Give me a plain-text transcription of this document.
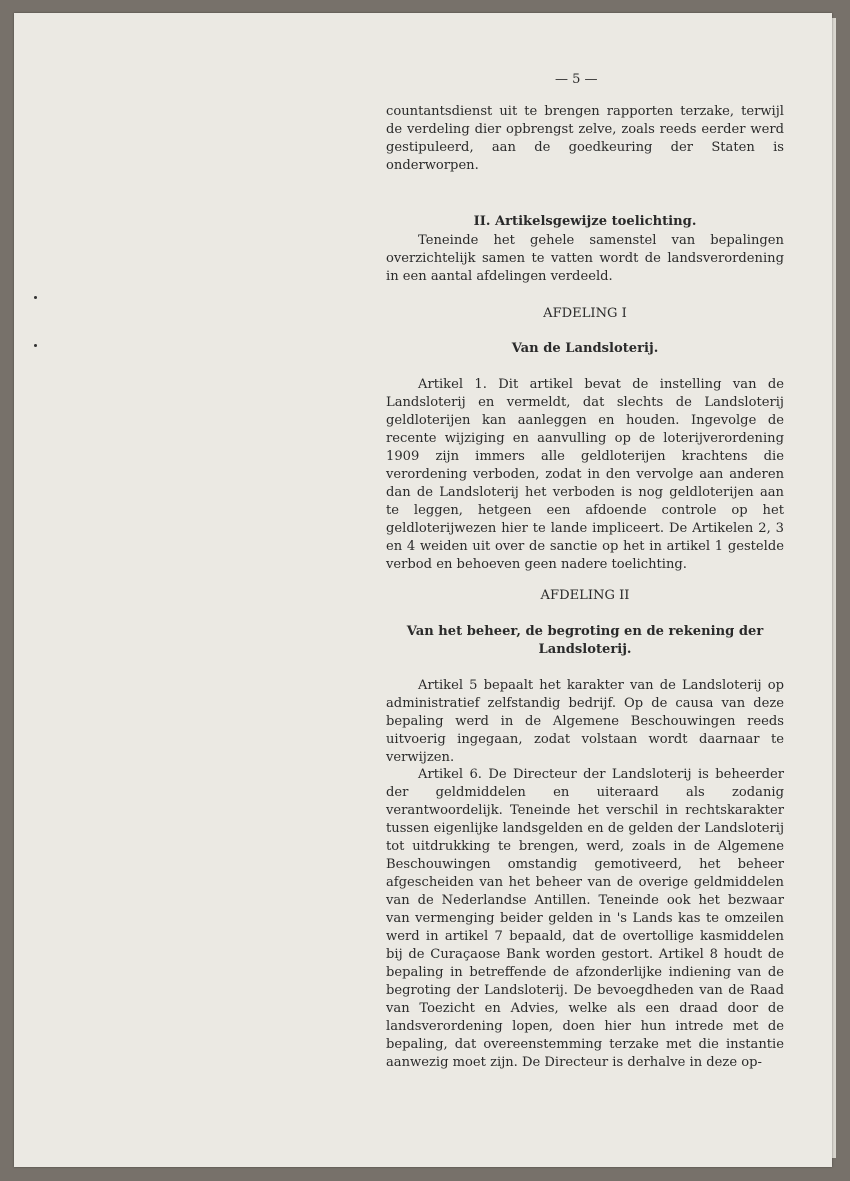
— 5 —
countantsdienst uit te brengen rapporten terzake, terwijl de verdeling dier opbrengst zelve, zoals reeds eerder werd gestipuleerd, aan de goedkeuring der Staten is onderworpen.
II. Artikelsgewijze toelichting.
Teneinde het gehele samenstel van bepalingen overzichtelijk samen te vatten wordt de landsverordening in een aantal afdelingen verdeeld.
AFDELING I
Van de Landsloterij.
Artikel 1. Dit artikel bevat de instelling van de Landsloterij en vermeldt, dat slechts de Landsloterij geldloterijen kan aanleggen en houden. Ingevolge de recente wijziging en aanvulling op de loterijverordening 1909 zijn immers alle geldloterijen krachtens die verordening verboden, zodat in den vervolge aan anderen dan de Landsloterij het verboden is nog geldloterijen aan te leggen, hetgeen een afdoende controle op het geldloterijwezen hier te lande impliceert. De Artikelen 2, 3 en 4 weiden uit over de sanctie op het in artikel 1 gestelde verbod en behoeven geen nadere toelichting.
AFDELING II
Van het beheer, de begroting en de rekening der Landsloterij.
Artikel 5 bepaalt het karakter van de Landsloterij op administratief zelfstandig bedrijf. Op de causa van deze bepaling werd in de Algemene Beschouwingen reeds uitvoerig ingegaan, zodat volstaan wordt daarnaar te verwijzen.
Artikel 6. De Directeur der Landsloterij is beheerder der geldmiddelen en uiteraard als zodanig verantwoordelijk. Teneinde het verschil in rechtskarakter tussen eigenlijke landsgelden en de gelden der Landsloterij tot uitdrukking te brengen, werd, zoals in de Algemene Beschouwingen omstandig gemotiveerd, het beheer afgescheiden van het beheer van de overige geldmiddelen van de Nederlandse Antillen. Teneinde ook het bezwaar van vermenging beider gelden in 's Lands kas te omzeilen werd in artikel 7 bepaald, dat de overtollige kasmiddelen bij de Curaçaose Bank worden gestort. Artikel 8 houdt de bepaling in betreffende de afzonderlijke indiening van de begroting der Landsloterij. De bevoegdheden van de Raad van Toezicht en Advies, welke als een draad door de landsverordening lopen, doen hier hun intrede met de bepaling, dat overeenstemming terzake met die instantie aanwezig moet zijn. De Directeur is derhalve in deze op-
